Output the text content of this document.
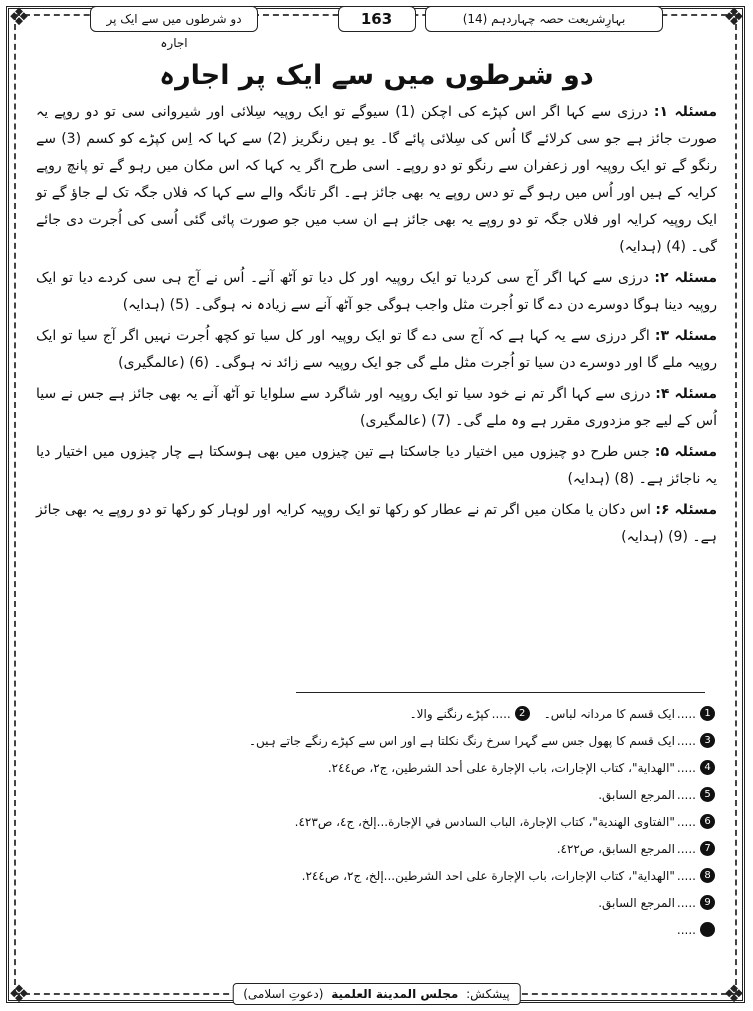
❖	❖
❖	❖
بہارِشریعت حصہ چہاردہم (14)
163
دو شرطوں میں سے ایک پر اجارہ
دو شرطوں میں سے ایک پر اجارہ

مسئلہ ۱: درزی سے کہا اگر اس کپڑے کی اچکن (1) سیوگے تو ایک روپیہ سِلائی اور شیروانی سی تو دو روپے یہ صورت جائز ہے جو سی کرلائے گا اُس کی سِلائی پائے گا۔ یو ہیں رنگریز (2) سے کہا کہ اِس کپڑے کو کسم (3) سے رنگو گے تو ایک روپیہ اور زعفران سے رنگو تو دو روپے۔ اسی طرح اگر یہ کہا کہ اس مکان میں رہو گے تو پانچ روپے کرایہ کے ہیں اور اُس میں رہو گے تو دس روپے یہ بھی جائز ہے۔ اگر تانگہ والے سے کہا کہ فلاں جگہ تک لے جاؤ گے تو ایک روپیہ کرایہ اور فلاں جگہ تو دو روپے یہ بھی جائز ہے ان سب میں جو صورت پائی گئی اُسی کی اُجرت دی جائے گی۔ (4) (ہدایہ)

مسئلہ ۲: درزی سے کہا اگر آج سی کردیا تو ایک روپیہ اور کل دیا تو آٹھ آنے۔ اُس نے آج ہی سی کردے دیا تو ایک روپیہ دینا ہوگا دوسرے دن دے گا تو اُجرت مثل واجب ہوگی جو آٹھ آنے سے زیادہ نہ ہوگی۔ (5) (ہدایہ)

مسئلہ ۳: اگر درزی سے یہ کہا ہے کہ آج سی دے گا تو ایک روپیہ اور کل سیا تو کچھ اُجرت نہیں اگر آج سیا تو ایک روپیہ ملے گا اور دوسرے دن سیا تو اُجرت مثل ملے گی جو ایک روپیہ سے زائد نہ ہوگی۔ (6) (عالمگیری)

مسئلہ ۴: درزی سے کہا اگر تم نے خود سیا تو ایک روپیہ اور شاگرد سے سلوایا تو آٹھ آنے یہ بھی جائز ہے جس نے سیا اُس کے لیے جو مزدوری مقرر ہے وہ ملے گی۔ (7) (عالمگیری)

مسئلہ ۵: جس طرح دو چیزوں میں اختیار دیا جاسکتا ہے تین چیزوں میں بھی ہوسکتا ہے چار چیزوں میں اختیار دیا یہ ناجائز ہے۔ (8) (ہدایہ)

مسئلہ ۶: اس دکان یا مکان میں اگر تم نے عطار کو رکھا تو ایک روپیہ کرایہ اور لوہار کو رکھا تو دو روپے یہ بھی جائز ہے۔ (9) (ہدایہ)

1
.....
ایک قسم کا مردانہ لباس۔
2
.....
کپڑے رنگنے والا۔
3
.....
ایک قسم کا پھول جس سے گہرا سرخ رنگ نکلتا ہے اور اس سے کپڑے رنگے جاتے ہیں۔
4
.....
"الهداية"، كتاب الإجارات، باب الإجارة على أحد الشرطين، ج٢، ص٢٤٤.
5
.....
المرجع السابق.
6
.....
"الفتاوى الهندية"، كتاب الإجارة، الباب السادس في الإجارة...إلخ، ج٤، ص٤٢٣.
7
.....
المرجع السابق، ص٤٢٢.
8
.....
"الهداية"، كتاب الإجارات، باب الإجارة على احد الشرطين...إلخ، ج٢، ص٢٤٤.
9
.....
المرجع السابق.
.....
پیشکش: مجلس المدينة العلمية (دعوتِ اسلامی)
